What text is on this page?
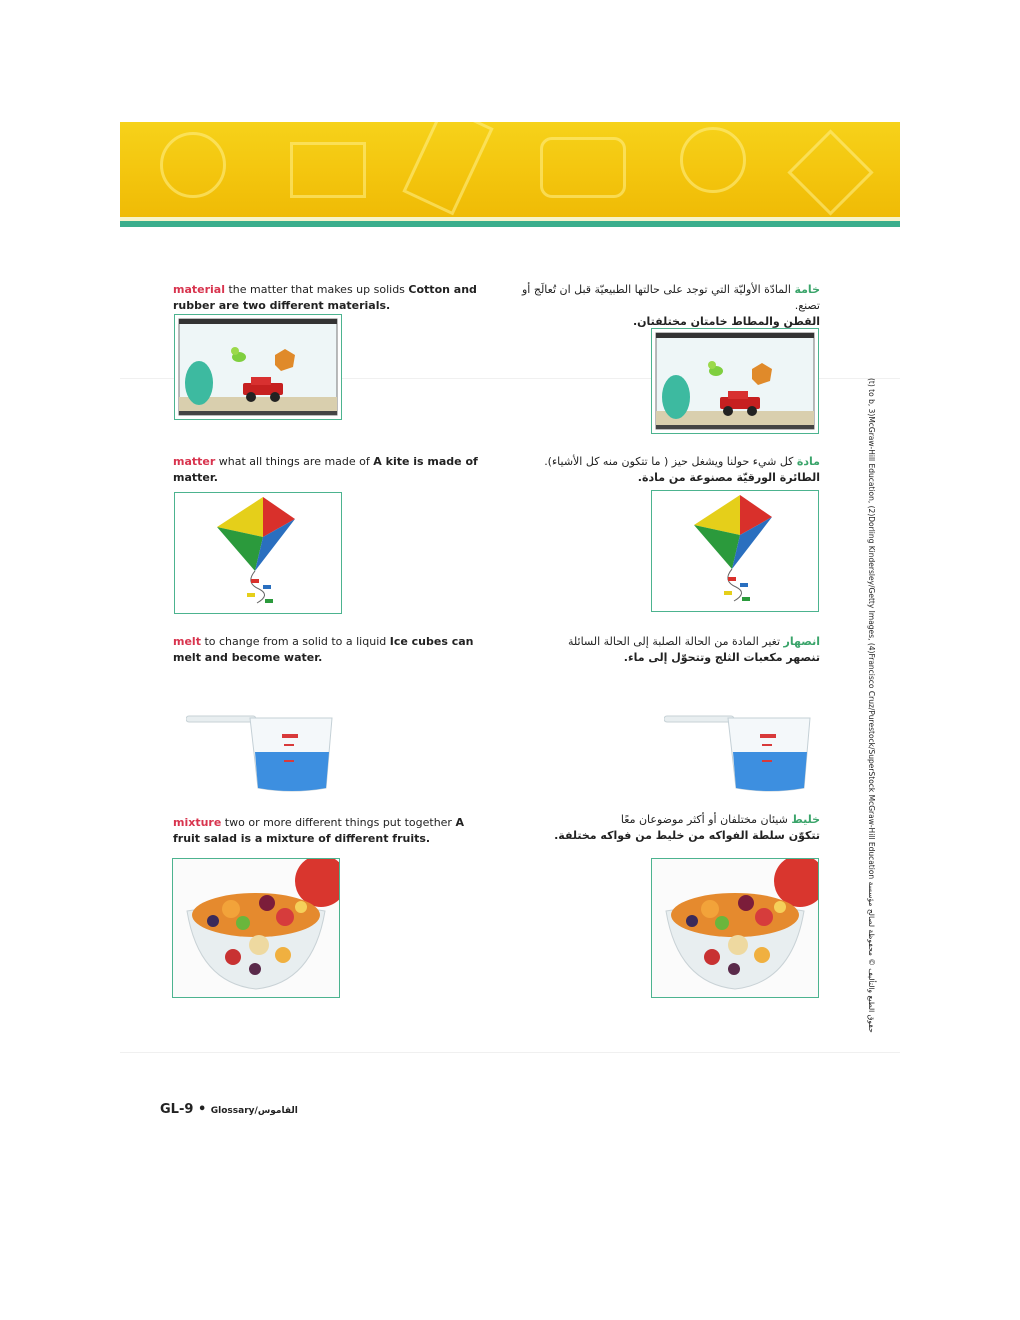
material the matter that makes up solids Cotton and rubber are two different materials.
خامة المادّة الأوليّة التي توجد على حالتها الطبيعيّة قبل ان تُعالَج أو تصنع.
القطن والمطاط خامتان مختلفتان.
matter what all things are made of A kite is made of matter.
مادة كل شيء حولنا ويشغل حيز ( ما تتكون منه كل الأشياء).
الطائرة الورقيّة مصنوعة من مادة.
melt to change from a solid to a liquid Ice cubes can melt and become water.
انصهار تغير المادة من الحالة الصلبة إلى الحالة السائلة
تنصهر مكعبات الثلج وتتحوّل إلى ماء.
mixture two or more different things put together A fruit salad is a mixture of different fruits.
خليط شيئان مختلفان أو أكثر موضوعان معًا
تتكوّن سلطة الفواكه من خليط من فواكه مختلفة.
GL-9 • Glossary/القاموس
(t) to b, 3)McGraw-Hill Education, (2)Dorling Kindersley/Getty Images, (4)Francisco Cruz/Purestock/SuperStock McGraw-Hill Education حقوق الطبع والتأليف © محفوظة لصالح مؤسسة
